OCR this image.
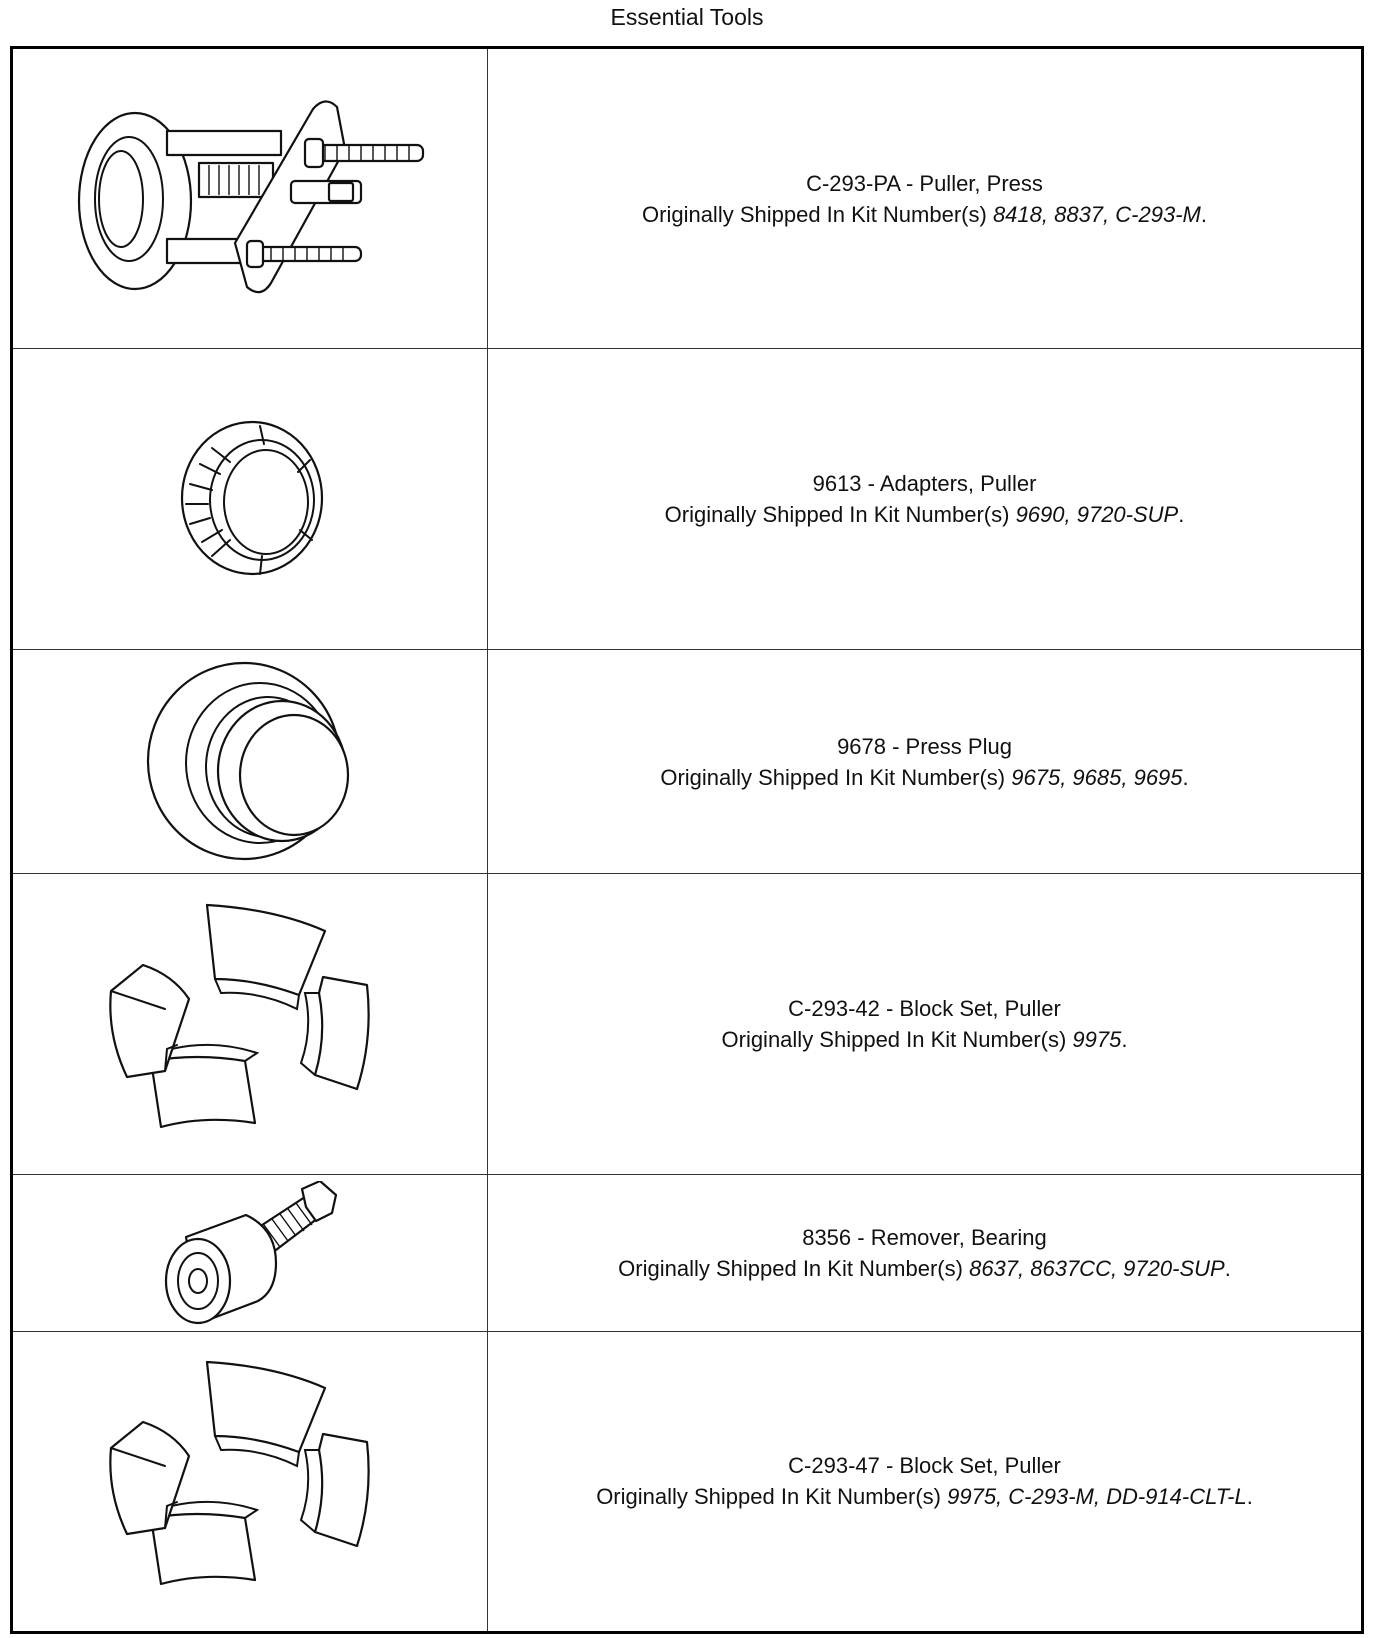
Essential Tools

C-293-PA - Puller, Press
Originally Shipped In Kit Number(s) 8418, 8837, C-293-M.

9613 - Adapters, Puller
Originally Shipped In Kit Number(s) 9690, 9720-SUP.

9678 - Press Plug
Originally Shipped In Kit Number(s) 9675, 9685, 9695.

C-293-42 - Block Set, Puller
Originally Shipped In Kit Number(s) 9975.

8356 - Remover, Bearing
Originally Shipped In Kit Number(s) 8637, 8637CC, 9720-SUP.

C-293-47 - Block Set, Puller
Originally Shipped In Kit Number(s) 9975, C-293-M, DD-914-CLT-L.
